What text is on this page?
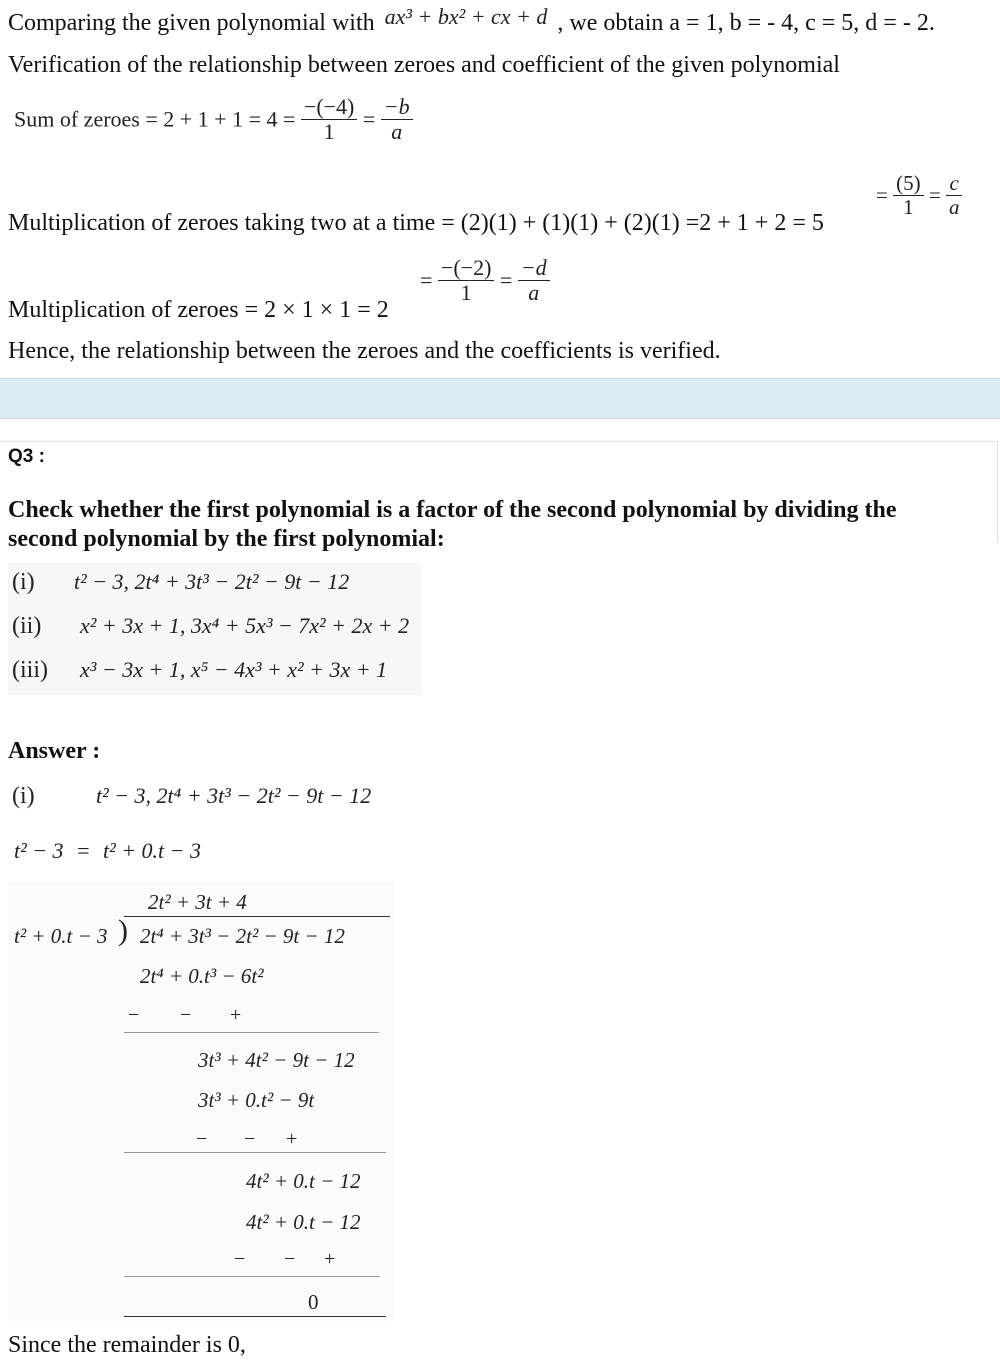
Comparing the given polynomial with ax³ + bx² + cx + d , we obtain a = 1, b = - 4, c = 5, d = - 2.
Verification of the relationship between zeroes and coefficient of the given polynomial
Sum of zeroes = $2 + 1 + 1 = 4 = \frac{-(-4)}{1} = \frac{-b}{a}$
Multiplication of zeroes taking two at a time = (2)(1) + (1)(1) + (2)(1) =2 + 1 + 2 = 5
= $\frac{(5)}{1} = \frac{c}{a}$
Multiplication of zeroes = 2 × 1 × 1 = 2
= $\frac{-(-2)}{1} = \frac{-d}{a}$
Hence, the relationship between the zeroes and the coefficients is verified.
Q3 :
Check whether the first polynomial is a factor of the second polynomial by dividing the
second polynomial by the first polynomial:
(i) t² − 3, 2t⁴ + 3t³ − 2t² − 9t − 12
(ii) x² + 3x + 1, 3x⁴ + 5x³ − 7x² + 2x + 2
(iii) x³ − 3x + 1, x⁵ − 4x³ + x² + 3x + 1
Answer :
(i)	t² − 3, 2t⁴ + 3t³ − 2t² − 9t − 12
t² − 3 = t² + 0.t − 3
2t² + 3t + 4
t² + 0.t − 3 ) 2t⁴ + 3t³ − 2t² − 9t − 12
2t⁴ + 0.t³ − 6t²
− − +
3t³ + 4t² − 9t − 12
3t³ + 0.t² − 9t
− − +
4t² + 0.t − 12
4t² + 0.t − 12
− − +
0
Since the remainder is 0,
